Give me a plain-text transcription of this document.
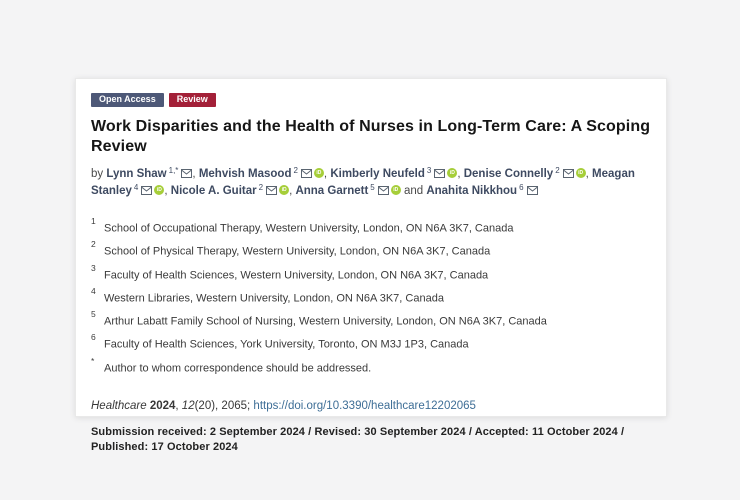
Open Access Review
Work Disparities and the Health of Nurses in Long-Term Care: A Scoping Review

by Lynn Shaw $^{1,*}$ , Mehvish Masood $^2$	iD , Kimberly Neufeld $^3$	iD , Denise Connelly $^2$	iD , Meagan Stanley $^4$	iD , Nicole A. Guitar $^2$	iD , Anna Garnett $^5$	iD and Anahita Nikkhou $^6$

$^1$School of Occupational Therapy, Western University, London, ON N6A 3K7, Canada
$^2$School of Physical Therapy, Western University, London, ON N6A 3K7, Canada
$^3$Faculty of Health Sciences, Western University, London, ON N6A 3K7, Canada
$^4$Western Libraries, Western University, London, ON N6A 3K7, Canada
$^5$Arthur Labatt Family School of Nursing, Western University, London, ON N6A 3K7, Canada
$^6$Faculty of Health Sciences, York University, Toronto, ON M3J 1P3, Canada
*Author to whom correspondence should be addressed.
Healthcare 2024, 12(20), 2065; https://doi.org/10.3390/healthcare12202065
Submission received: 2 September 2024 / Revised: 30 September 2024 / Accepted: 11 October 2024 / Published: 17 October 2024
